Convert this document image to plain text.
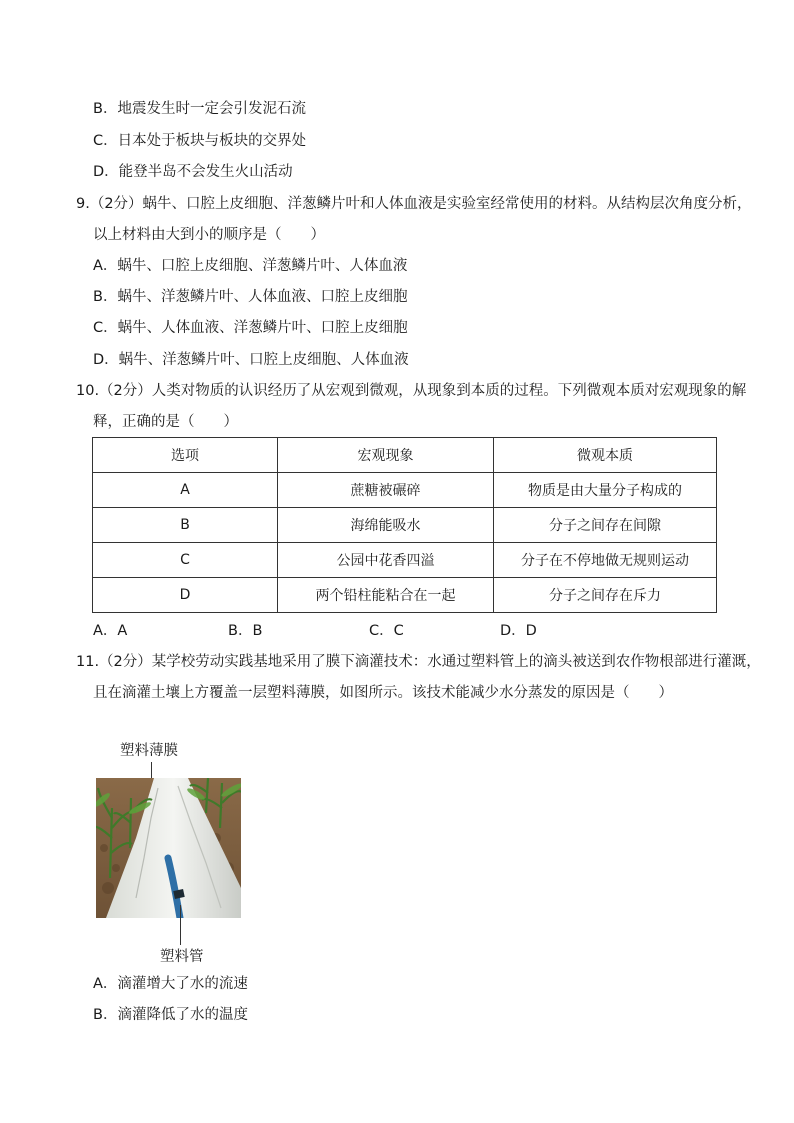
B．地震发生时一定会引发泥石流
C．日本处于板块与板块的交界处
D．能登半岛不会发生火山活动
9.（2分）蜗牛、口腔上皮细胞、洋葱鳞片叶和人体血液是实验室经常使用的材料。从结构层次角度分析，
以上材料由大到小的顺序是（　　）
A．蜗牛、口腔上皮细胞、洋葱鳞片叶、人体血液
B．蜗牛、洋葱鳞片叶、人体血液、口腔上皮细胞
C．蜗牛、人体血液、洋葱鳞片叶、口腔上皮细胞
D．蜗牛、洋葱鳞片叶、口腔上皮细胞、人体血液
10.（2分）人类对物质的认识经历了从宏观到微观，从现象到本质的过程。下列微观本质对宏观现象的解
释，正确的是（　　）
选项	宏观现象	微观本质
A	蔗糖被碾碎	物质是由大量分子构成的
B	海绵能吸水	分子之间存在间隙
C	公园中花香四溢	分子在不停地做无规则运动
D	两个铅柱能粘合在一起	分子之间存在斥力
A．A	B．B	C．C	D．D
11.（2分）某学校劳动实践基地采用了膜下滴灌技术：水通过塑料管上的滴头被送到农作物根部进行灌溉，
且在滴灌土壤上方覆盖一层塑料薄膜，如图所示。该技术能减少水分蒸发的原因是（　　）
塑料薄膜
塑料管
A．滴灌增大了水的流速
B．滴灌降低了水的温度
